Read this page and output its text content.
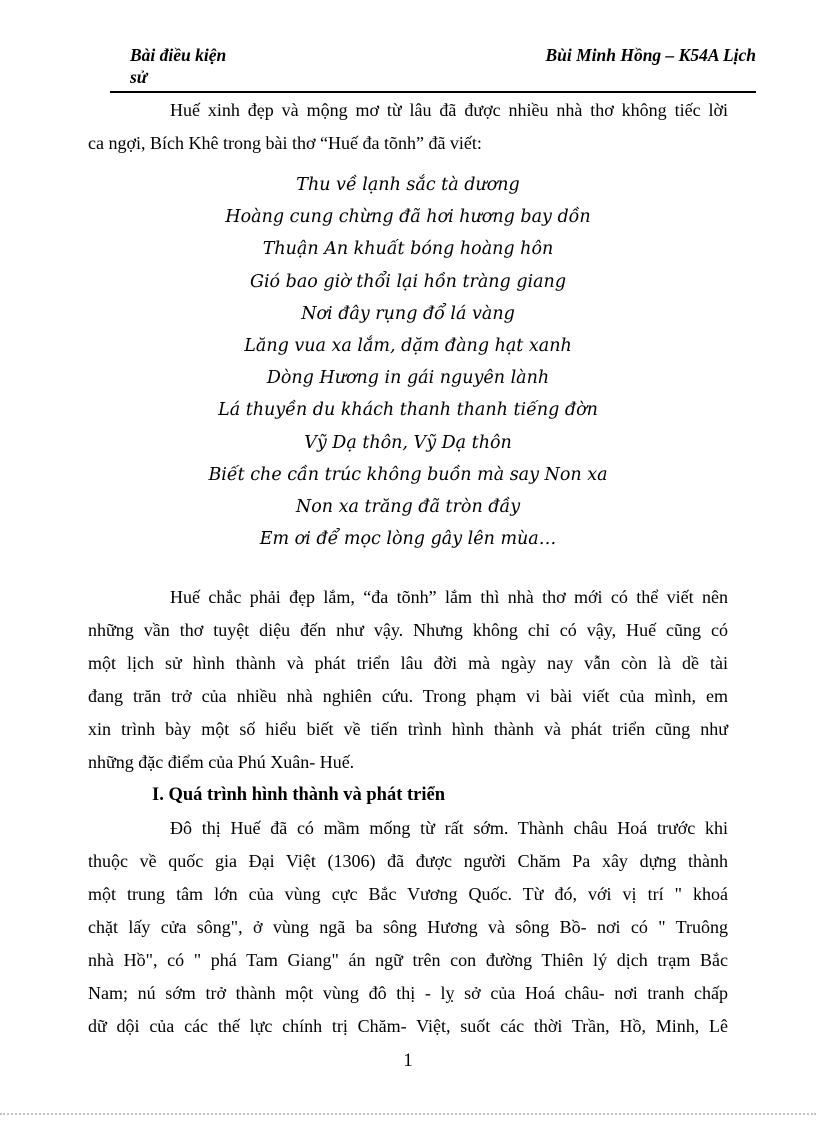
Bài điều kiện
sử
Bùi Minh Hồng – K54A Lịch
Huế xinh đẹp và mộng mơ từ lâu đã được nhiều nhà thơ không tiếc lời
ca ngợi, Bích Khê trong bài thơ “Huế đa tõnh” đã viết:
Thu về lạnh sắc tà dương
Hoàng cung chừng đã hơi hương bay dồn
Thuận An khuất bóng hoàng hôn
Gió bao giờ thổi lại hồn tràng giang
Nơi đây rụng đổ lá vàng
Lăng vua xa lắm, dặm đàng hạt xanh
Dòng Hương in gái nguyên lành
Lá thuyền du khách thanh thanh tiếng đờn
Vỹ Dạ thôn, Vỹ Dạ thôn
Biết che cần trúc không buồn mà say Non xa
Non xa trăng đã tròn đầy
Em ơi để mọc lòng gây lên mùa…
Huế chắc phải đẹp lắm, “đa tõnh” lắm thì nhà thơ mới có thể viết nên
những vần thơ tuyệt diệu đến như vậy. Nhưng không chỉ có vậy, Huế cũng có
một lịch sử hình thành và phát triển lâu đời mà ngày nay vẫn còn là dề tài
đang trăn trở của nhiều nhà nghiên cứu. Trong phạm vi bài viết của mình, em
xin trình bày một số hiểu biết về tiến trình hình thành và phát triển cũng như
những đặc điểm của Phú Xuân- Huế.
I. Quá trình hình thành và phát triển
Đô thị Huế đã có mầm mống từ rất sớm. Thành châu Hoá trước khi
thuộc về quốc gia Đại Việt (1306) đã được người Chăm Pa xây dựng thành
một trung tâm lớn của vùng cực Bắc Vương Quốc. Từ đó, với vị trí " khoá
chặt lấy cửa sông", ở vùng ngã ba sông Hương và sông Bồ- nơi có " Truông
nhà Hồ", có " phá Tam Giang" án ngữ trên con đường Thiên lý dịch trạm Bắc
Nam; nú sớm trở thành một vùng đô thị - lỵ sở của Hoá châu- nơi tranh chấp
dữ dội của các thế lực chính trị Chăm- Việt, suốt các thời Trần, Hồ, Minh, Lê
1
